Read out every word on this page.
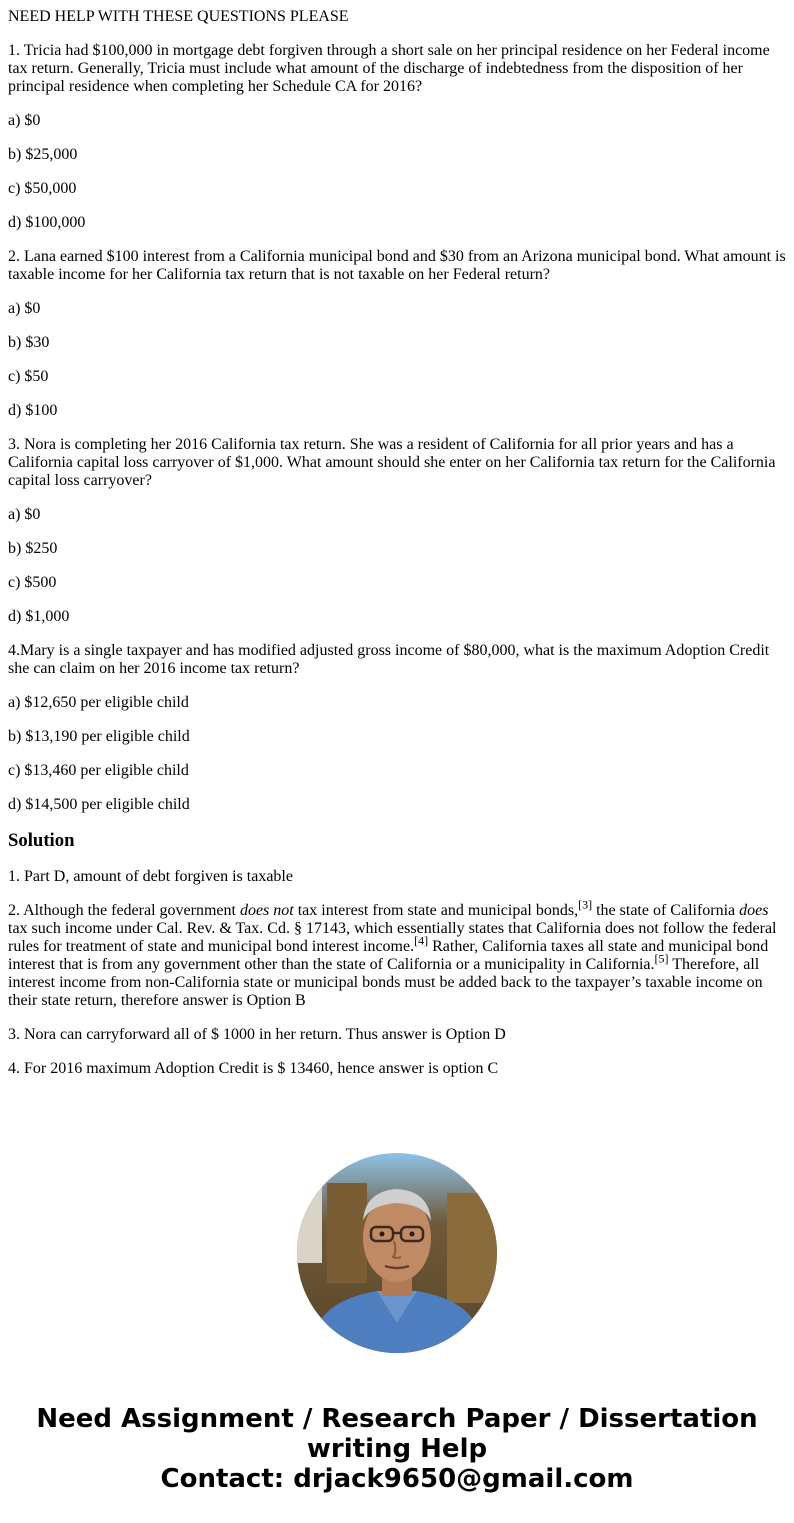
NEED HELP WITH THESE QUESTIONS PLEASE

1. Tricia had $100,000 in mortgage debt forgiven through a short sale on her principal residence on her Federal income tax return. Generally, Tricia must include what amount of the discharge of indebtedness from the disposition of her principal residence when completing her Schedule CA for 2016?

a) $0

b) $25,000

c) $50,000

d) $100,000

2. Lana earned $100 interest from a California municipal bond and $30 from an Arizona municipal bond. What amount is taxable income for her California tax return that is not taxable on her Federal return?

a) $0

b) $30

c) $50

d) $100

3. Nora is completing her 2016 California tax return. She was a resident of California for all prior years and has a California capital loss carryover of $1,000. What amount should she enter on her California tax return for the California capital loss carryover?

a) $0

b) $250

c) $500

d) $1,000

4.Mary is a single taxpayer and has modified adjusted gross income of $80,000, what is the maximum Adoption Credit she can claim on her 2016 income tax return?

a) $12,650 per eligible child

b) $13,190 per eligible child

c) $13,460 per eligible child

d) $14,500 per eligible child

Solution

1. Part D, amount of debt forgiven is taxable

2. Although the federal government does not tax interest from state and municipal bonds,[3] the state of California does tax such income under Cal. Rev. & Tax. Cd. § 17143, which essentially states that California does not follow the federal rules for treatment of state and municipal bond interest income.[4] Rather, California taxes all state and municipal bond interest that is from any government other than the state of California or a municipality in California.[5] Therefore, all interest income from non-California state or municipal bonds must be added back to the taxpayer’s taxable income on their state return, therefore answer is Option B

3. Nora can carryforward all of $ 1000 in her return. Thus answer is Option D

4. For 2016 maximum Adoption Credit is $ 13460, hence answer is option C

Need Assignment / Research Paper / Dissertation
writing Help
Contact: drjack9650@gmail.com
